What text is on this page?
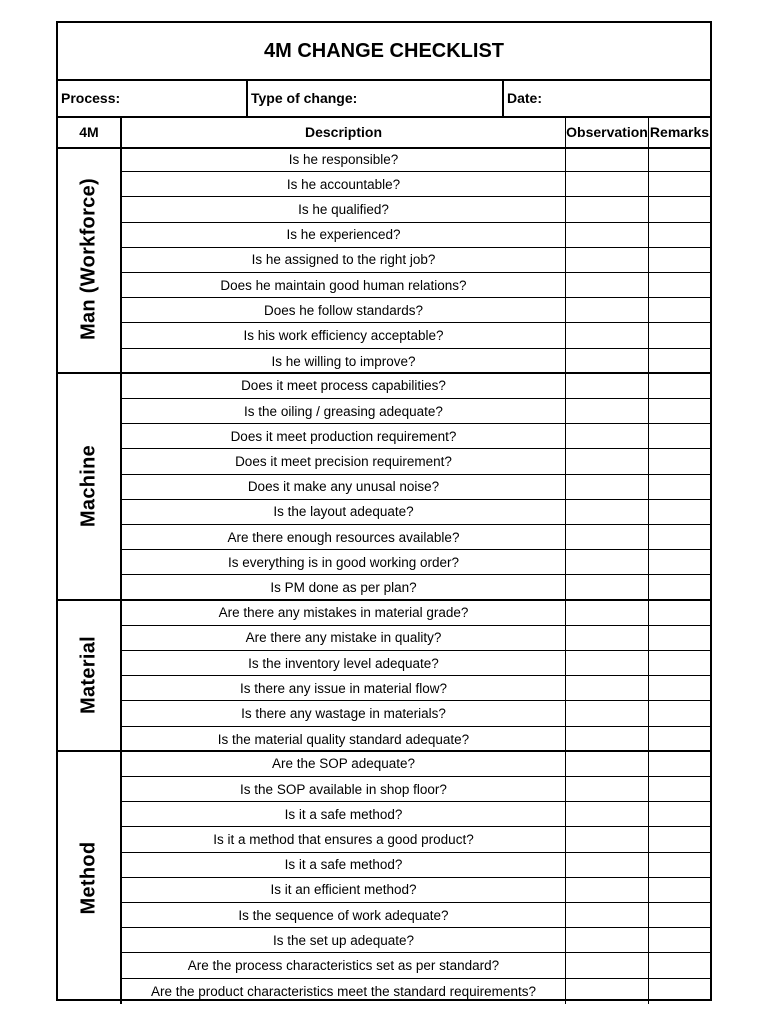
4M CHANGE CHECKLIST
Process:	Type of change:	Date:
4M	Description	Observation Remarks
Man (Workforce)
Is he responsible?
Is he accountable?
Is he qualified?
Is he experienced?
Is he assigned to the right job?
Does he maintain good human relations?
Does he follow standards?
Is his work efficiency acceptable?
Is he willing to improve?
Machine
Does it meet process capabilities?
Is the oiling / greasing adequate?
Does it meet production requirement?
Does it meet precision requirement?
Does it make any unusal noise?
Is the layout adequate?
Are there enough resources available?
Is everything is in good working order?
Is PM done as per plan?
Material
Are there any mistakes in material grade?
Are there any mistake in quality?
Is the inventory level adequate?
Is there any issue in material flow?
Is there any wastage in materials?
Is the material quality standard adequate?
Method
Are the SOP adequate?
Is the SOP available in shop floor?
Is it a safe method?
Is it a method that ensures a good product?
Is it a safe method?
Is it an efficient method?
Is the sequence of work adequate?
Is the set up adequate?
Are the process characteristics set as per standard?
Are the product characteristics meet the standard requirements?
